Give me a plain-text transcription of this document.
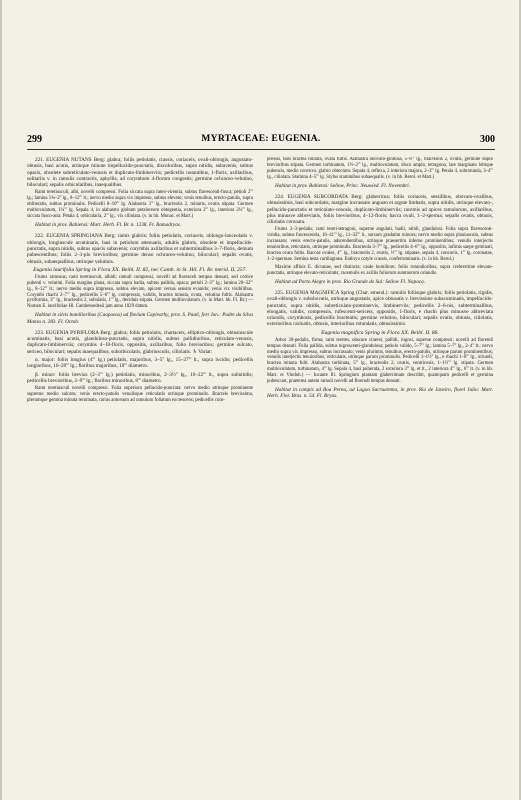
299	MYRTACEAE: EUGENIA.	300

221. EUGENIA NUTANS Berg: glabra; foliis petiolatis, crassis, coriaceis, ovali-oblongis, angustato-obtusis, basi acutis, utrinque minute impellucido-punctatis, discoloribus, supra nitidis, subavenis, subtus opacis, obsolete subreticulato-venosis et duplicato-limbinerviis; pedicellis nutantibus, 1-floris, axillaribus, solitariis v. in ramulis contractis, aphyllis, ad corymbum 4-florum congestis; germine ochraceo-velutino, biloculari; sepalis orbicularibus, inaequalibus.

Rami teretiusculi, albi, novelli compressi. Folia siccata supra luteo-virentia, subtus flavescenti-fusca; petioli 2''' lg.; lamina 1¾–2'' lg., 8–12''' lt.; nervo medio supra vix impresso, subtus elevato; venis tenuibus, erecto-patulis, supra obliteratis, subtus prominulis. Pedicelli 8–10''' lg. Alabastra 3''' lg., bracteolis 2, minutis, ovatis stipata. Germen multiovulatum, 1¼''' lg. Sepala 4, in alabastro globum petaloreum obtegentia, exteriora 2''' lg., interiora 2¼''' lg., siccata fusco-atra. Petala 4, orbicularia, 2''' lg., vix ciliolata. (v. in hb. Monac. et Mart.)

Habitat in prov. Bahiensi: Mart. Herb. Fl. Br. n. 1238. Ft. Ramadryas.

222. EUGENIA SPRINGIANA Berg: ramis glabris; foliis petiolatis, coriaceis, oblongo-lanceolatis v. oblongis, longiuscule acuminatis, basi in petiolum attenuatis, adultis glabris, obsolete et impellucido-punctatis, supra nitidis, subtus opacis subavenis; corymbis axillaribus et subterminalibus 3–7-floris, demum pubescentibus; foliis 2–3-plo brevioribus; germine denso ochraceo-velutino, biloculari; sepalis ovatis, obtusis, subaequalibus, utrinque velutinis.

Eugenia laurifolia Spring in Flora XX. Beibl. II. 82, nec Camb. in St. Hil. Fl. Br. merid. II. 257.

Frutex ramosus; rami teretiusculi, albidi; ramuli compressi, novelli ad floresceli tempus densati, sed cortice pubenti v. velutini. Folia margine plana, siccata supra badia, subtus pallida, opaca; petioli 2–3''' lg.; lamina 20–32''' lg., 8–12''' lt.; nervo medio supra impresso, subtus elevato, apicem versus sensim evanido; venis vix visibilibus. Corymbi rhachi 2–7''' lg., pedicellis 5–6''' lg. compressis, validis, bractea minuta, ovata, velutina fultis. Alabastra pyriformia, 3''' lg., bracteolis 2, subulatis, 1''' lg., deciduis stipata. Germen multiovulatum. (v. in Mart. hb. Fl. Br.) — Nomen E. laurifoliae Hl. Cambessedesii jam anno 1829 datum.

Habitat in silvis humilioribus (Caapoeas) ad fluvium Capivarhy, prov. S. Pauli, fort Jan.: Padre da Silva Manso n. 283. Fl. Octob.

223. EUGENIA PYRIFLORA Berg: glabra; foliis petiolatis, chartaceis, elliptico-oblongis, obtusiuscule acuminatis, basi acutis, glanduloso-punctatis, supra nitidis, subtus pallidioribus, reticulato-venosis, duplicato-limbinerviis; corymbis 4–10-floris, oppositis, axillaribus, folio brevioribus; germine sulcato, sericeo, biloculari; sepalis inaequalibus, suborbiculatis, glabriusculis, ciliolatis. ♄ Variat:

α. major: foliis longius (4''' lg.) petiolatis, majoribus, 3–5'' lg., 15–27''' lt., supra lucidis; pedicellis longioribus, 16–20''' lg.; floribus majoribus, 10''' diametro.

β. minor: foliis brevius (2–3''' lg.) petiolatis, minoribus, 2–3½'' lg., 10–22''' lt., supra subnitidis; pedicellis brevioribus, 2–9''' lg.; floribus minoribus, 8''' diametro.

Rami teretiusculi novelli compressi. Folia superiora pellucido-punctata: nervo medio utrinque prominente supremo medio sulcato; venis erecto-patulis venulisque reticulatis utrinque prominulis. Bracteis brevissima, plerumque gemma minuta terminata, rarius antorsum ad ramulum foliatum excrescens; pedicellis com-

pressis, basi bractea minuta, ovata fultis. Alabastra obovato-globosa, 5–6''' lg., bracteolis 2, ovatis, germine duplo brevioribus stipata. Germen turbinatum, 1½–2''' lg., multiovulatum, disco amplo, tetragono, late marginato lobique puberulo, medio convexo, glabro obtectum. Sepala 4, reflexa, 2 interiora majora, 2–3''' lg. Petala 4, subrotunda, 3–4''' lg., ciliolata. Stamina 4–5''' lg. Stylus staminibus subaequalis. (v. in hb. Berol. et Mart.)

Habitat in prov. Bahiensi: Sellow, Princ. Neuwied. Fl. Novembri.

224. EUGENIA SUBCORDATA Berg: glaberrima; foliis coriaceis, sessilibus, obovato-ovalibus, obtusissimis, basi subcordatis, margine incrassato angusto et argute limbatis, supra nitidis, utrinque elevato-, pellucido-punctatis et reticulato-venosis, duplicato-limbinerviis; racemis ad apices ramulorum, axillaribus, plus minusve abbreviatis, foliis brevioribus, 4–12-floris; bacca ovali, 1–2-sperma; sepalis ovatis, obtusis, ciliolatis coronata.

Frutex 2–3-pedalis; rami tereti-tetragoni, superne angulati, badii, nitidi, glandulosi. Folia supra flavescenti-viridia, subtus fuscescentia, 16–41''' lg., 11–32''' lt., sursum gradatim minora; nervo medio supra planiusculo, subtus incrassato; venis erecto-patulis, adscendentibus, utrinque praesertim inferne prominentibus; venulis interjectis tenuioribus, reticulatis, utrinque prominulis. Bracteola 3–7''' lg., pedicellis 4–6''' lg., oppositis, infimis saepe geminati, bractea ovata fultis. Baccae ovales, 4''' lg., bracteolis 2, ovatis, ½''' lg. stipatae, sepala 4, concavis, 1''' lg. coronatae, 1–2-spermae. Semina testa cartilaginea. Embryo cotyle crassis, conferruminatis. (v. in hb. Berol.)

Maxime affinis E. dicranae, sed distincta: caule humiliore; foliis rotundioribus, supra crebrerrime elevato-punctatis, utrinque elevato-reticulatis; racemulis ex axillis foliorum summorum oriundis.

Habitat ad Porto Alegre in prov. Rio Grande do Sul: Sellow Fl. Napoca.

225. EUGENIA MAGNIFICA Spring (Char. emend.): ramulis foliisque glabris; foliis petiolatis, rigidis, ovali-oblongis v. subobovatis, utrinque angustatis, apice obtusatis v. brevissime subacuminatis, impellucido-punctatis, supra nitidis, subreticulato-prominervis, limbinerviis; pedicellis 2–6-nis, subterminalibus, elongatis, validis, compressis, rufescenti-sericeis, oppositis, 1-floris, e rhachi plus minusve abbreviata oriundis, corymbosis, pedicellis bracteatis; germine velutino, biloculari; sepalis ovatis, obtusis, ciliolatis, exterioribus carinatis, obtusis, interioribus rotundatis, obtusissimis.

Eugenia magnifica Spring in Flora XX. Beibl. II. 86.

Arbor 20-pedalis, firma; rami teretes, obscure cinerei, pallidi, rugosi, superne compressi; novelli ad florendi tempus densati. Folia pallida, subtus nigrescenti-glandulosa; petiolo valido, 5–7''' lg.; lamina 5–7'' lg., 2–4'' lt.; nervo medio supra vix impresso, subtus incrassato; venis plurimis, tenuibus, erecto-patulis, utrinque parum prominentibus; venulis interjectis tenuioribus, reticulatis, utrinque parum prominulis. Pedicelli 1–1½'' lg., e rhachi 1–8''' lg., oriundi, bractea minuta fulti. Alabastra turbinata, 5''' lg., bracteolis 2, ovatis, ventricosis, 1–1½''' lg. stipata. Germen multiovulatum, turbinatum, 4''' lg. Sepala 4, basi puberula, 2 exteriora 3''' lg. et lt., 2 interiora 4''' lg., 6''' lt. (v. in hb. Mart. et Vindob.) — Iucante Ill. Springium plantam glaberrimam describit, quamquam pedicelli et germina pubescunt, praeterea autem ramuli novelli ad florendi tempus densati.

Habitat in campis ad Boa Perna, ad Lagoa Sacruarema, in prov. Rio de Janeiro, florel Julio: Mart. Herb. Flor. Bras. n. 54. Fl. Bryas.
